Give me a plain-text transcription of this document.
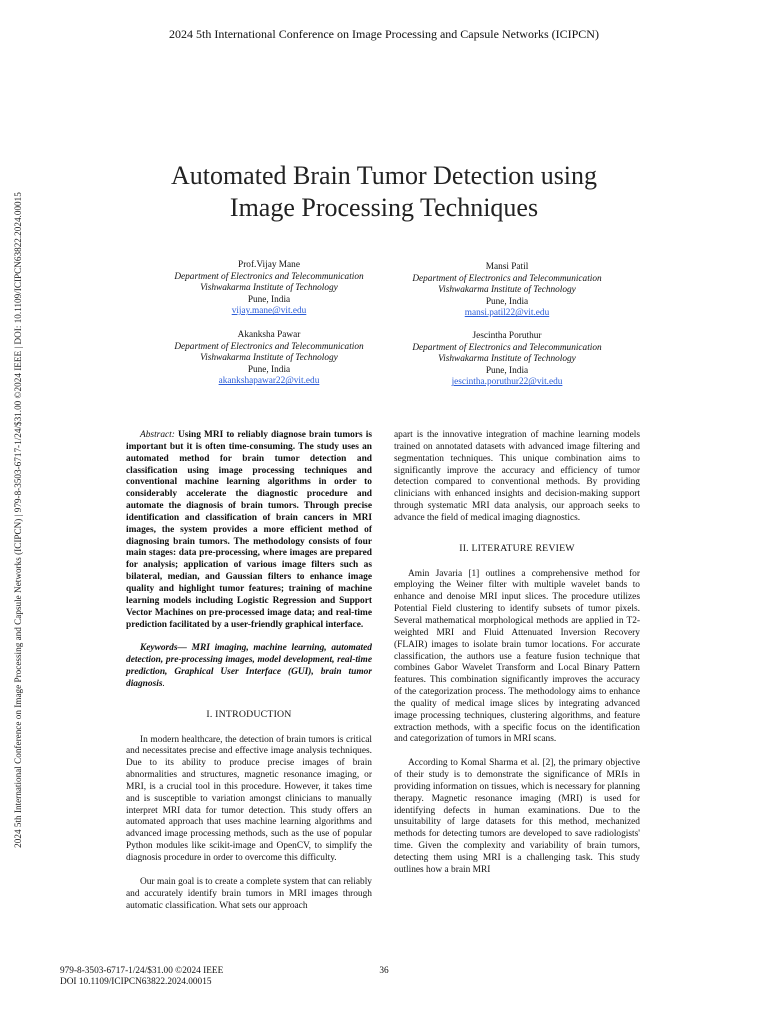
2024 5th International Conference on Image Processing and Capsule Networks (ICIPCN)
2024 5th International Conference on Image Processing and Capsule Networks (ICIPCN) | 979-8-3503-6717-1/24/$31.00 ©2024 IEEE | DOI: 10.1109/ICIPCN63822.2024.00015
Automated Brain Tumor Detection using
Image Processing Techniques
Prof.Vijay Mane
Department of Electronics and Telecommunication
Vishwakarma Institute of Technology
Pune, India
vijay.mane@vit.edu
Mansi Patil
Department of Electronics and Telecommunication
Vishwakarma Institute of Technology
Pune, India
mansi.patil22@vit.edu
Akanksha Pawar
Department of Electronics and Telecommunication
Vishwakarma Institute of Technology
Pune, India
akankshapawar22@vit.edu
Jescintha Poruthur
Department of Electronics and Telecommunication
Vishwakarma Institute of Technology
Pune, India
jescintha.poruthur22@vit.edu

Abstract: Using MRI to reliably diagnose brain tumors is important but it is often time-consuming. The study uses an automated method for brain tumor detection and classification using image processing techniques and conventional machine learning algorithms in order to considerably accelerate the diagnostic procedure and automate the diagnosis of brain tumors. Through precise identification and classification of brain cancers in MRI images, the system provides a more efficient method of diagnosing brain tumors. The methodology consists of four main stages: data pre-processing, where images are prepared for analysis; application of various image filters such as bilateral, median, and Gaussian filters to enhance image quality and highlight tumor features; training of machine learning models including Logistic Regression and Support Vector Machines on pre-processed image data; and real-time prediction facilitated by a user-friendly graphical interface.

Keywords— MRI imaging, machine learning, automated detection, pre-processing images, model development, real-time prediction, Graphical User Interface (GUI), brain tumor diagnosis.

I. INTRODUCTION

In modern healthcare, the detection of brain tumors is critical and necessitates precise and effective image analysis techniques. Due to its ability to produce precise images of brain abnormalities and structures, magnetic resonance imaging, or MRI, is a crucial tool in this procedure. However, it takes time and is susceptible to variation amongst clinicians to manually interpret MRI data for tumor detection. This study offers an automated approach that uses machine learning algorithms and advanced image processing methods, such as the use of popular Python modules like scikit-image and OpenCV, to simplify the diagnosis procedure in order to overcome this difficulty.

Our main goal is to create a complete system that can reliably and accurately identify brain tumors in MRI images through automatic classification. What sets our approach

apart is the innovative integration of machine learning models trained on annotated datasets with advanced image filtering and segmentation techniques. This unique combination aims to significantly improve the accuracy and efficiency of tumor detection compared to conventional methods. By providing clinicians with enhanced insights and decision-making support through systematic MRI data analysis, our approach seeks to advance the field of medical imaging diagnostics.

II. LITERATURE REVIEW

Amin Javaria [1] outlines a comprehensive method for employing the Weiner filter with multiple wavelet bands to enhance and denoise MRI input slices. The procedure utilizes Potential Field clustering to identify subsets of tumor pixels. Several mathematical morphological methods are applied in T2-weighted MRI and Fluid Attenuated Inversion Recovery (FLAIR) images to isolate brain tumor locations. For accurate classification, the authors use a feature fusion technique that combines Gabor Wavelet Transform and Local Binary Pattern features. This combination significantly improves the accuracy of the categorization process. The methodology aims to enhance the quality of medical image slices by integrating advanced image processing techniques, clustering algorithms, and feature extraction methods, with a specific focus on the identification and categorization of tumors in MRI scans.

According to Komal Sharma et al. [2], the primary objective of their study is to demonstrate the significance of MRIs in providing information on tissues, which is necessary for planning therapy. Magnetic resonance imaging (MRI) is used for identifying defects in human examinations. Due to the unsuitability of large datasets for this method, mechanized methods for detecting tumors are developed to save radiologists' time. Given the complexity and variability of brain tumors, detecting them using MRI is a challenging task. This study outlines how a brain MRI

979-8-3503-6717-1/24/$31.00 ©2024 IEEE
DOI 10.1109/ICIPCN63822.2024.00015
36
